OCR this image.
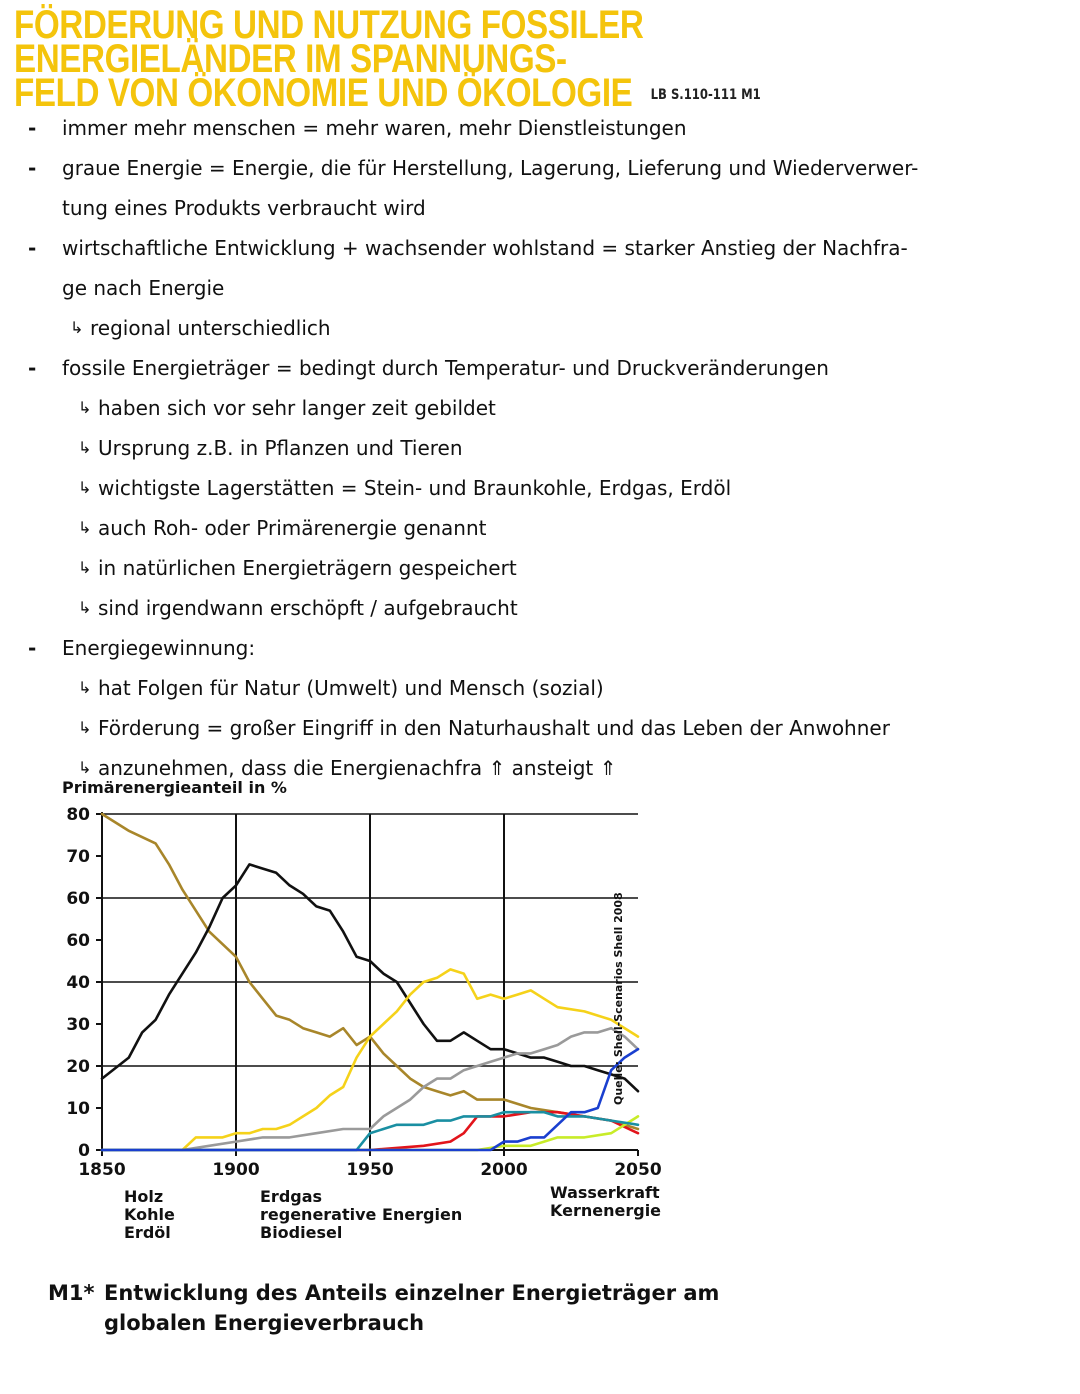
FÖRDERUNG UND NUTZUNG FOSSILER ENERGIELÄNDER IM SPANNUNGS-
FELD VON ÖKONOMIE UND ÖKOLOGIE LB S.110-111 M1
-	immer mehr menschen = mehr waren, mehr Dienstleistungen
-	graue Energie = Energie, die für Herstellung, Lagerung, Lieferung und Wiederverwer-
tung eines Produkts verbraucht wird
-	wirtschaftliche Entwicklung + wachsender wohlstand = starker Anstieg der Nachfra-
ge nach Energie
↳ regional unterschiedlich
-	fossile Energieträger = bedingt durch Temperatur- und Druckveränderungen
↳ haben sich vor sehr langer zeit gebildet
↳ Ursprung z.B. in Pflanzen und Tieren
↳ wichtigste Lagerstätten = Stein- und Braunkohle, Erdgas, Erdöl
↳ auch Roh- oder Primärenergie genannt
↳ in natürlichen Energieträgern gespeichert
↳ sind irgendwann erschöpft / aufgebraucht
-	Energiegewinnung:
↳ hat Folgen für Natur (Umwelt) und Mensch (sozial)
↳ Förderung = großer Eingriff in den Naturhaushalt und das Leben der Anwohner
↳ anzunehmen, dass die Energienachfra ⇑ ansteigt ⇑
Primärenergieanteil in %
0
10
20
30
40
60
60
70
80
1850	1900	1950	2000	2050
Quelle: Shell-Scenarios Shell 2008
Holz
Kohle
Erdöl
Erdgas
regenerative Energien
Biodiesel
Wasserkraft
Kernenergie
M1* Entwicklung des Anteils einzelner Energieträger am
globalen Energieverbrauch
